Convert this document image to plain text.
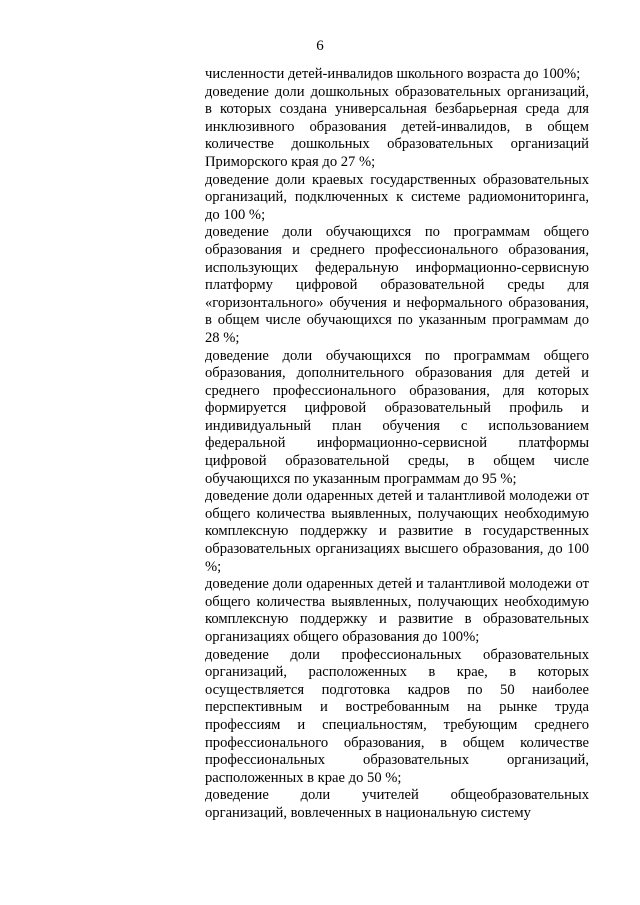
6

численности детей-инвалидов школьного возраста до 100%;

доведение доли дошкольных образовательных организаций, в которых создана универсальная безбарьерная среда для инклюзивного образования детей-инвалидов, в общем количестве дошкольных образовательных организаций Приморского края до 27 %;

доведение доли краевых государственных образовательных организаций, подключенных к системе радиомониторинга, до 100 %;

доведение доли обучающихся по программам общего образования и среднего профессионального образования, использующих федеральную информационно-сервисную платформу цифровой образовательной среды для «горизонтального» обучения и неформального образования, в общем числе обучающихся по указанным программам до 28 %;

доведение доли обучающихся по программам общего образования, дополнительного образования для детей и среднего профессионального образования, для которых формируется цифровой образовательный профиль и индивидуальный план обучения с использованием федеральной информационно-сервисной платформы цифровой образовательной среды, в общем числе обучающихся по указанным программам до 95 %;

доведение доли одаренных детей и талантливой молодежи от общего количества выявленных, получающих необходимую комплексную поддержку и развитие в государственных образовательных организациях высшего образования, до 100 %;

доведение доли одаренных детей и талантливой молодежи от общего количества выявленных, получающих необходимую комплексную поддержку и развитие в образовательных организациях общего образования до 100%;

доведение доли профессиональных образовательных организаций, расположенных в крае, в которых осуществляется подготовка кадров по 50 наиболее перспективным и востребованным на рынке труда профессиям и специальностям, требующим среднего профессионального образования, в общем количестве профессиональных образовательных организаций, расположенных в крае до 50 %;

доведение доли учителей общеобразовательных организаций, вовлеченных в национальную систему
